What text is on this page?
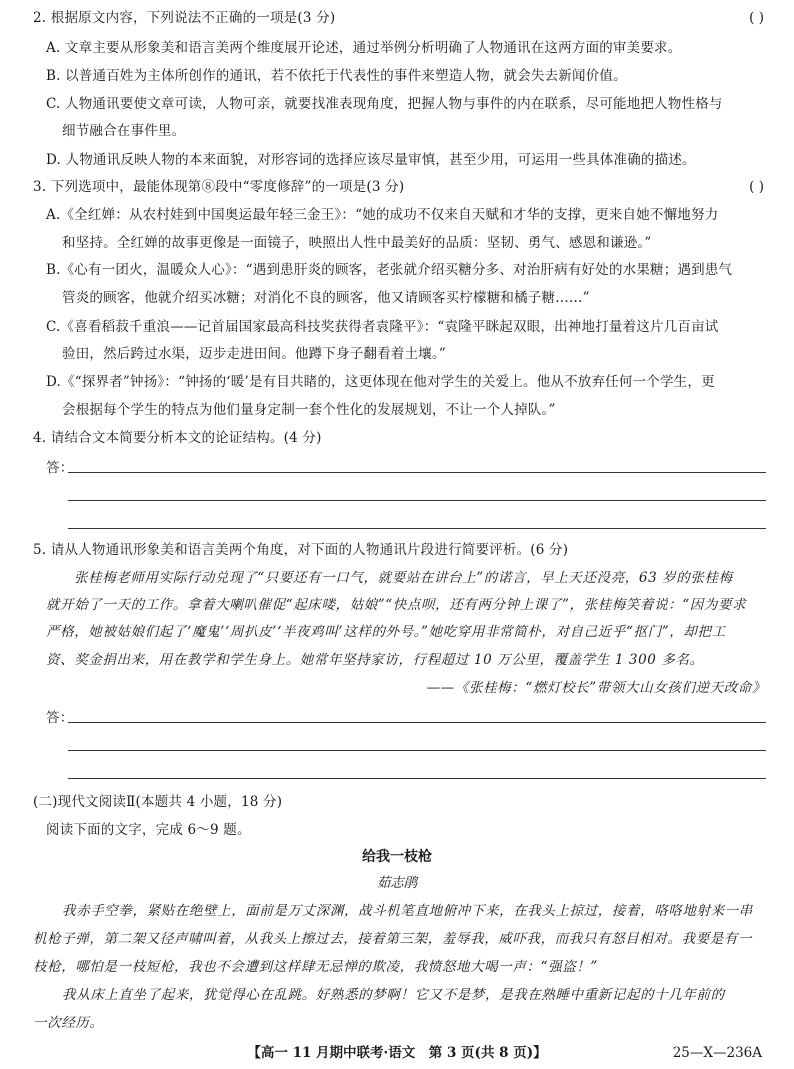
2. 根据原文内容，下列说法不正确的一项是(3 分)	( )
A. 文章主要从形象美和语言美两个维度展开论述，通过举例分析明确了人物通讯在这两方面的审美要求。
B. 以普通百姓为主体所创作的通讯，若不依托于代表性的事件来塑造人物，就会失去新闻价值。
C. 人物通讯要使文章可读，人物可亲，就要找准表现角度，把握人物与事件的内在联系，尽可能地把人物性格与
细节融合在事件里。
D. 人物通讯反映人物的本来面貌，对形容词的选择应该尽量审慎，甚至少用，可运用一些具体准确的描述。
3. 下列选项中，最能体现第⑧段中“零度修辞”的一项是(3 分)	( )
A.《全红婵：从农村娃到中国奥运最年轻三金王》：“她的成功不仅来自天赋和才华的支撑，更来自她不懈地努力
和坚持。全红婵的故事更像是一面镜子，映照出人性中最美好的品质：坚韧、勇气、感恩和谦逊。”
B.《心有一团火，温暖众人心》：“遇到患肝炎的顾客，老张就介绍买糖分多、对治肝病有好处的水果糖；遇到患气
管炎的顾客，他就介绍买冰糖；对消化不良的顾客，他又请顾客买柠檬糖和橘子糖……”
C.《喜看稻菽千重浪——记首届国家最高科技奖获得者袁隆平》：“袁隆平眯起双眼，出神地打量着这片几百亩试
验田，然后跨过水渠，迈步走进田间。他蹲下身子翻看着土壤。”
D.《“探界者”钟扬》：“钟扬的‘暖’是有目共睹的，这更体现在他对学生的关爱上。他从不放弃任何一个学生，更
会根据每个学生的特点为他们量身定制一套个性化的发展规划，不让一个人掉队。”
4. 请结合文本简要分析本文的论证结构。(4 分)
答：
5. 请从人物通讯形象美和语言美两个角度，对下面的人物通讯片段进行简要评析。(6 分)
张桂梅老师用实际行动兑现了“只要还有一口气，就要站在讲台上”的诺言，早上天还没亮，63 岁的张桂梅
就开始了一天的工作。拿着大喇叭催促“起床喽，姑娘”“快点呗，还有两分钟上课了”，张桂梅笑着说：“因为要求
严格，她被姑娘们起了‘魔鬼’‘周扒皮’‘半夜鸡叫’这样的外号。”她吃穿用非常简朴，对自己近乎“抠门”，却把工
资、奖金捐出来，用在教学和学生身上。她常年坚持家访，行程超过 10 万公里，覆盖学生 1 300 多名。
——《张桂梅：“燃灯校长”带领大山女孩们逆天改命》
答：
(二)现代文阅读Ⅱ(本题共 4 小题，18 分)
阅读下面的文字，完成 6～9 题。
给我一枝枪
茹志鹃
我赤手空拳，紧贴在绝壁上，面前是万丈深渊，战斗机笔直地俯冲下来，在我头上掠过，接着，咯咯地射来一串
机枪子弹，第二架又径声啸叫着，从我头上擦过去，接着第三架，羞辱我，威吓我，而我只有怒目相对。我要是有一
枝枪，哪怕是一枝短枪，我也不会遭到这样肆无忌惮的欺凌，我愤怒地大喝一声：“强盗！”
我从床上直坐了起来，犹觉得心在乱跳。好熟悉的梦啊！它又不是梦，是我在熟睡中重新记起的十几年前的
一次经历。
【高一 11 月期中联考·语文　第 3 页(共 8 页)】	25—X—236A
